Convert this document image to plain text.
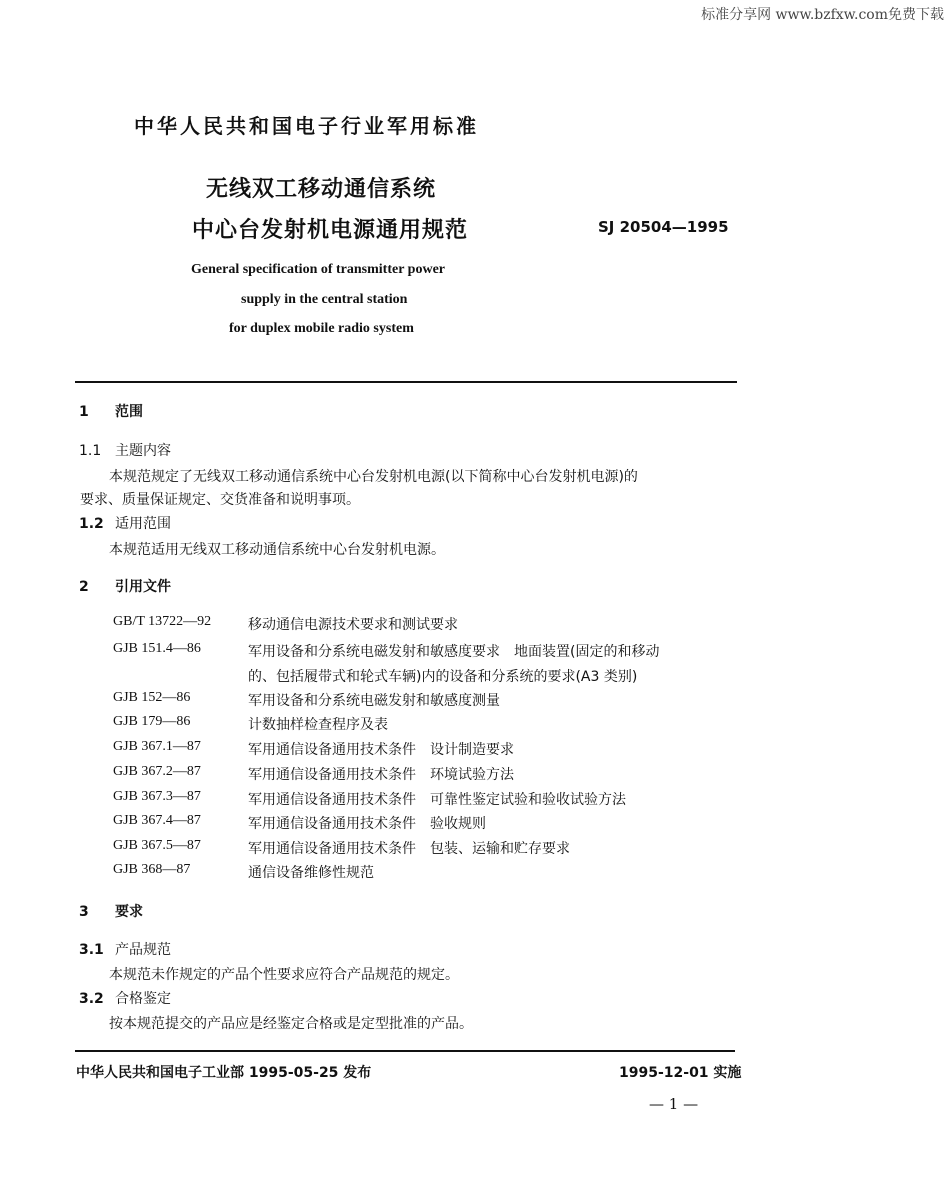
标准分享网 www.bzfxw.com免费下载
中华人民共和国电子行业军用标准
无线双工移动通信系统
中心台发射机电源通用规范	SJ 20504—1995
General specification of transmitter power
supply in the central station
for duplex mobile radio system
1 范围
1.1 主题内容
本规范规定了无线双工移动通信系统中心台发射机电源(以下简称中心台发射机电源)的
要求、质量保证规定、交货准备和说明事项。
1.2 适用范围
本规范适用无线双工移动通信系统中心台发射机电源。
2 引用文件
GB/T 13722—92	移动通信电源技术要求和测试要求
GJB 151.4—86	军用设备和分系统电磁发射和敏感度要求　地面装置(固定的和移动
的、包括履带式和轮式车辆)内的设备和分系统的要求(A3 类别)
GJB 152—86	军用设备和分系统电磁发射和敏感度测量
GJB 179—86	计数抽样检查程序及表
GJB 367.1—87	军用通信设备通用技术条件　设计制造要求
GJB 367.2—87	军用通信设备通用技术条件　环境试验方法
GJB 367.3—87	军用通信设备通用技术条件　可靠性鉴定试验和验收试验方法
GJB 367.4—87	军用通信设备通用技术条件　验收规则
GJB 367.5—87	军用通信设备通用技术条件　包装、运输和贮存要求
GJB 368—87	通信设备维修性规范
3 要求
3.1 产品规范
本规范未作规定的产品个性要求应符合产品规范的规定。
3.2 合格鉴定
按本规范提交的产品应是经鉴定合格或是定型批准的产品。
中华人民共和国电子工业部 1995-05-25 发布	1995-12-01 实施
— 1 —
